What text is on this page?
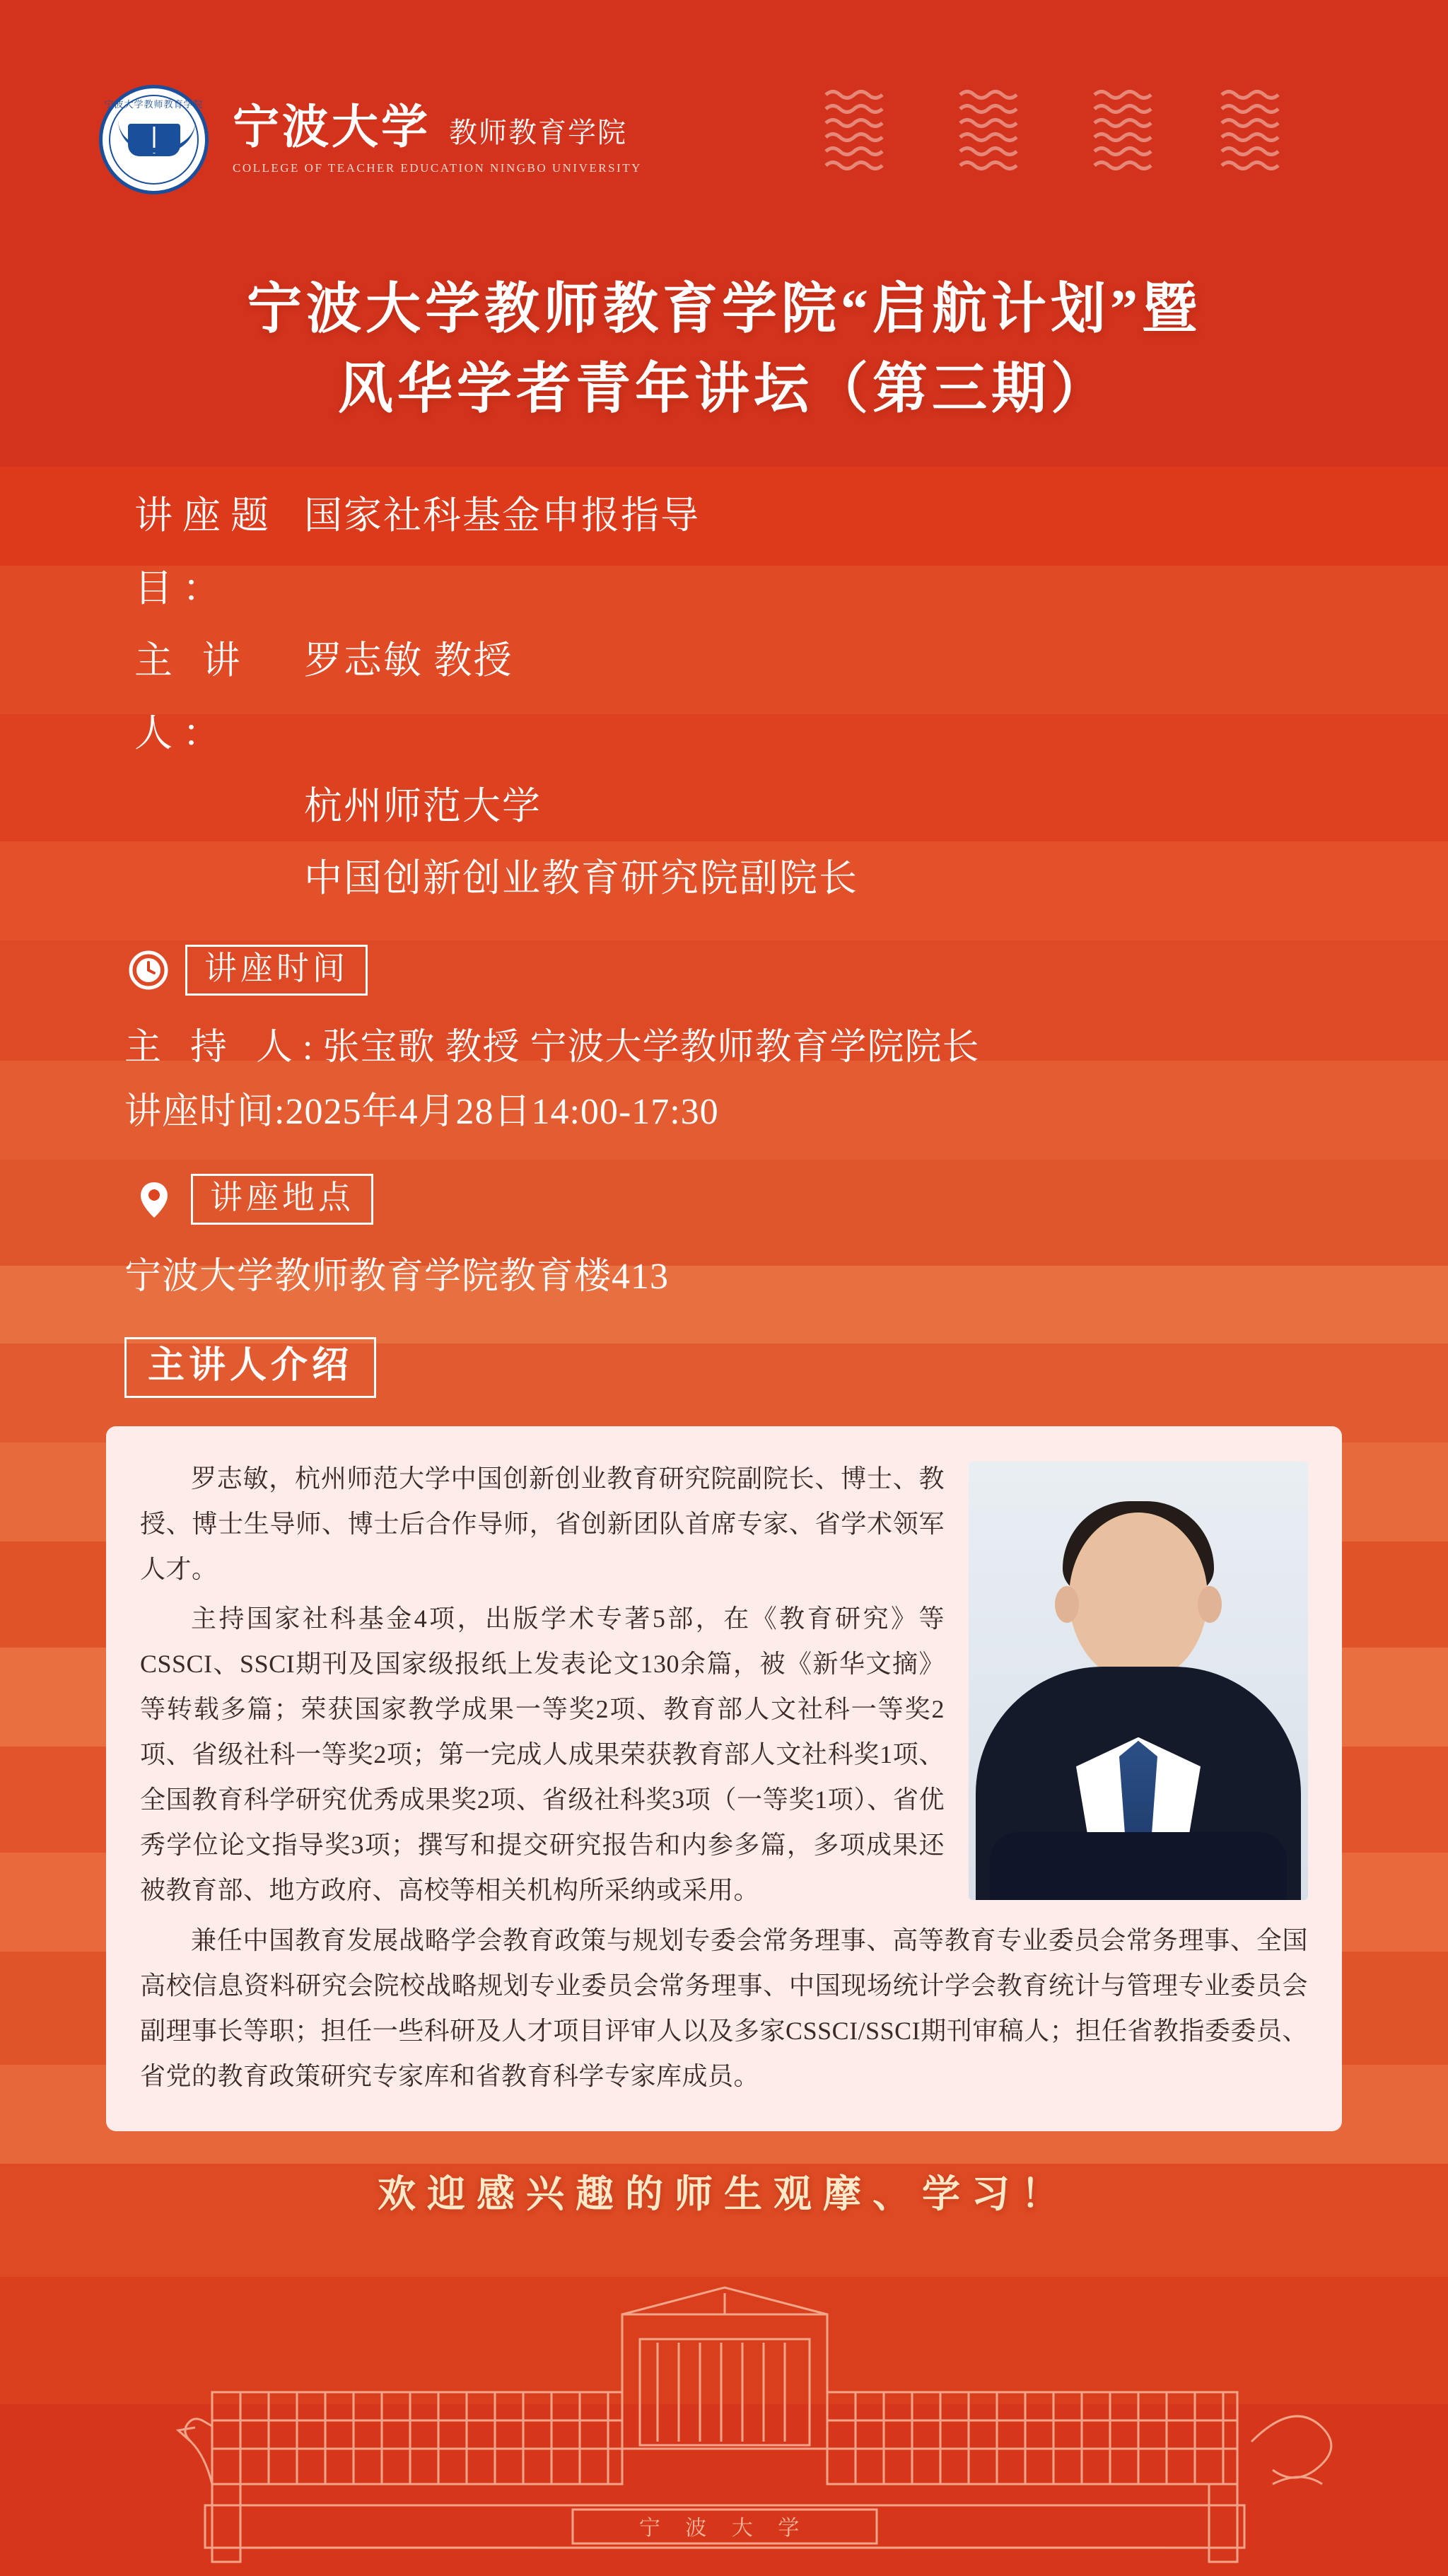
宁波大学教师教育学院 宁波大学 教师教育学院
COLLEGE OF TEACHER EDUCATION NINGBO UNIVERSITY
宁波大学教师教育学院“启航计划”暨
风华学者青年讲坛（第三期）
讲座题目：
国家社科基金申报指导
主 讲 人：
罗志敏 教授
杭州师范大学
中国创新创业教育研究院副院长
讲座时间
主 持 人:张宝歌 教授 宁波大学教师教育学院院长
讲座时间:2025年4月28日14:00-17:30
讲座地点
宁波大学教师教育学院教育楼413
主讲人介绍

罗志敏，杭州师范大学中国创新创业教育研究院副院长、博士、教授、博士生导师、博士后合作导师，省创新团队首席专家、省学术领军人才。

主持国家社科基金4项，出版学术专著5部，在《教育研究》等CSSCI、SSCI期刊及国家级报纸上发表论文130余篇，被《新华文摘》等转载多篇；荣获国家教学成果一等奖2项、教育部人文社科一等奖2项、省级社科一等奖2项；第一完成人成果荣获教育部人文社科奖1项、全国教育科学研究优秀成果奖2项、省级社科奖3项（一等奖1项）、省优秀学位论文指导奖3项；撰写和提交研究报告和内参多篇，多项成果还被教育部、地方政府、高校等相关机构所采纳或采用。

兼任中国教育发展战略学会教育政策与规划专委会常务理事、高等教育专业委员会常务理事、全国高校信息资料研究会院校战略规划专业委员会常务理事、中国现场统计学会教育统计与管理专业委员会副理事长等职；担任一些科研及人才项目评审人以及多家CSSCI/SSCI期刊审稿人；担任省教指委委员、省党的教育政策研究专家库和省教育科学专家库成员。

欢迎感兴趣的师生观摩、学习！
宁 波 大 学
